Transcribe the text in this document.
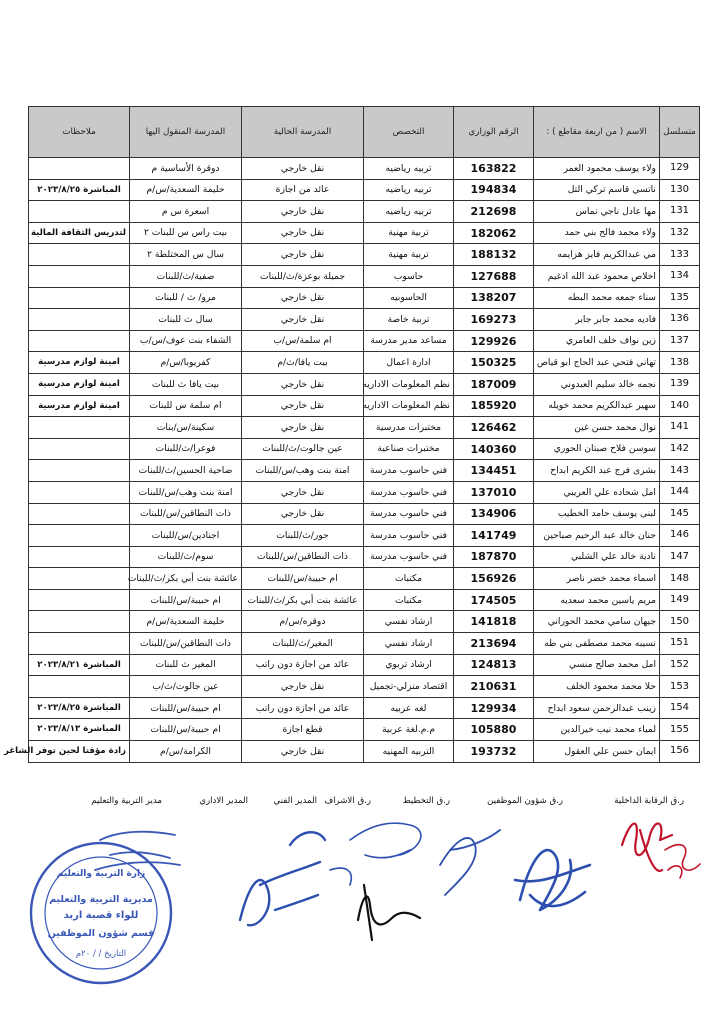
متسلسل	الاسم ( من اربعة مقاطع ) :	الرقم الوزاري	التخصص	المدرسة الحالية	المدرسة المنقول اليها	ملاحظات
129	ولاء يوسف محمود العمر	163822	تربيه رياضيه	نقل خارجي	دوقرة الأساسية م	
130	ناتسي قاسم تركي التل	194834	تربيه رياضيه	عائد من اجازة	حليمة السعدية/س/م	المباشرة ٢٠٢٣/٨/٢٥
131	مها عادل ناجي نماس	212698	تربيه رياضيه	نقل خارجي	اسعرة س م	
132	ولاء محمد فالح بني حمد	182062	تربية مهنية	نقل خارجي	بيت راس س للبنات ٢	لتدريس الثقافة المالية
133	مي عبدالكريم فايز هزايمه	188132	تربية مهنية	نقل خارجي	سال س المختلطة ٢	
134	اخلاص محمود عبد الله ادغيم	127688	حاسوب	جميلة بوعزة/ث/للبنات	صفية/ث/للبنات	
135	سناء جمعه محمد البطه	138207	الحاسوبيه	نقل خارجي	مرو/ ث / للبنات	
136	فاديه محمد جابر جابر	169273	تربية خاصة	نقل خارجي	سال ث للبنات	
137	زين نواف خلف العامري	129926	مساعد مدير مدرسة	ام سلمة/س/ب	الشفاء بنت عوف/س/ب	
138	تهاني فتحي عبد الحاج ابو قياص	150325	ادارة اعمال	بيت يافا/ث/م	كفريوبا/س/م	امينة لوازم مدرسية
139	نجمه خالد سليم العبدوني	187009	نظم المعلومات الاداريه	نقل خارجي	بيت يافا ث للبنات	امينة لوازم مدرسية
140	سهير عبدالكريم محمد خويله	185920	نظم المعلومات الاداريه	نقل خارجي	ام سلمة س للبنات	امينة لوازم مدرسية
141	نوال محمد حسن غين	126462	مختبرات مدرسية	نقل خارجي	سكينة/س/بنات	
142	سوسن فلاح صبتان الحوري	140360	مختبرات صناعية	عين جالوت/ث/للبنات	فوعرا/ث/للبنات	
143	بشرى فرج عبد الكريم ابداح	134451	فني حاسوب مدرسة	امنة بنت وهب/س/للبنات	ضاحية الحسين/ث/للبنات	
144	امل شحاده علي العريبي	137010	فني حاسوب مدرسة	نقل خارجي	امنة بنت وهب/س/للبنات	
145	لبنى يوسف حامد الخطيب	134906	فني حاسوب مدرسة	نقل خارجي	ذات النطاقين/س/للبنات	
146	حنان خالد عبد الرحيم صباحين	141749	فني حاسوب مدرسة	حور/ث/للبنات	اجنادين/س/للبنات	
147	نادية خالد علي الشلبي	187870	فني حاسوب مدرسة	ذات النطاقين/س/للبنات	سوم/ث/للبنات	
148	اسماء محمد خضر ناصر	156926	مكتبات	ام حبيبة/س/للبنات	عائشة بنت أبي بكر/ث/للبنات	
149	مريم ياسين محمد سعديه	174505	مكتبات	عائشة بنت أبي بكر/ث/للبنات	ام حبيبة/س/للبنات	
150	جيهان سامي محمد الحوراني	141818	ارشاد نفسي	دوقره/س/م	حليمة السعدية/س/م	
151	نسيبه محمد مصطفى بني طه	213694	ارشاد نفسي	المغير/ث/للبنات	ذات النطاقين/س/للبنات	
152	امل محمد صالح منسي	124813	ارشاد تربوي	عائد من اجازة دون راتب	المغير ث للبنات	المباشرة ٢٠٢٣/٨/٢١
153	حلا محمد محمود الخلف	210631	اقتصاد منزلي-تجميل	نقل خارجي	عين جالوت/ث/ب	
154	زينب عبدالرحمن سعود ابداح	129934	لغه عربيه	عائد من اجازة دون راتب	ام حبيبة/س/للبنات	المباشرة ٢٠٢٣/٨/٢٥
155	لمياء محمد نيب خيرالدين	105880	م.م.لغة عربية	قطع اجازة	ام حبيبة/س/للبنات	المباشرة ٢٠٢٣/٨/١٣
156	ايمان حسن علي العقول	193732	التربيه المهنيه	نقل خارجي	الكرامة/س/م	زادة مؤقتا لحين توفر الشاغر
ر.ق الرقابة الداخلية
ر.ق شؤون الموظفين
ر.ق التخطيط
ر.ق الاشراف
المدير الفني
المدير الاداري
مدير التربية والتعليم
زارة التربية والتعليم
مديرية التربية والتعليم
للواء قصبة اربد
قسم شؤون الموظفين
التاريخ / / ٢٠م
